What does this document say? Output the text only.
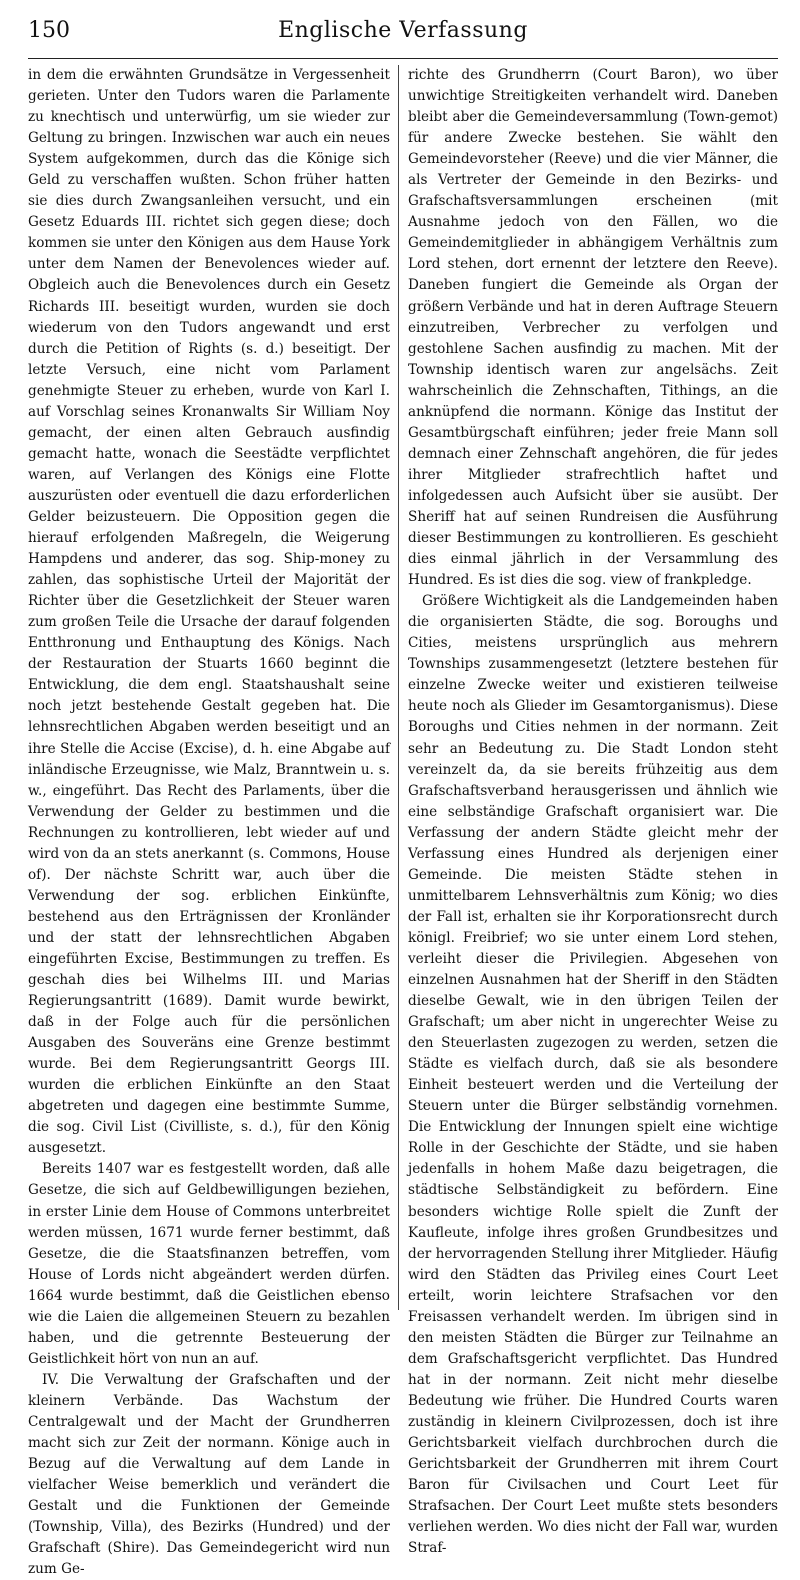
150	Englische Verfassung

in dem die erwähnten Grundsätze in Vergessenheit gerieten. Unter den Tudors waren die Parlamente zu knechtisch und unterwürfig, um sie wieder zur Geltung zu bringen. Inzwischen war auch ein neues System aufgekommen, durch das die Könige sich Geld zu verschaffen wußten. Schon früher hatten sie dies durch Zwangsanleihen versucht, und ein Gesetz Eduards III. richtet sich gegen diese; doch kommen sie unter den Königen aus dem Hause York unter dem Namen der Benevolences wieder auf. Obgleich auch die Benevolences durch ein Gesetz Richards III. beseitigt wurden, wurden sie doch wiederum von den Tudors angewandt und erst durch die Petition of Rights (s. d.) beseitigt. Der letzte Versuch, eine nicht vom Parlament genehmigte Steuer zu erheben, wurde von Karl I. auf Vorschlag seines Kronanwalts Sir William Noy gemacht, der einen alten Gebrauch ausfindig gemacht hatte, wonach die Seestädte verpflichtet waren, auf Verlangen des Königs eine Flotte auszurüsten oder eventuell die dazu erforderlichen Gelder beizusteuern. Die Opposition gegen die hierauf erfolgenden Maßregeln, die Weigerung Hampdens und anderer, das sog. Ship-money zu zahlen, das sophistische Urteil der Majorität der Richter über die Gesetzlichkeit der Steuer waren zum großen Teile die Ursache der darauf folgenden Entthronung und Enthauptung des Königs. Nach der Restauration der Stuarts 1660 beginnt die Entwicklung, die dem engl. Staatshaushalt seine noch jetzt bestehende Gestalt gegeben hat. Die lehnsrechtlichen Abgaben werden beseitigt und an ihre Stelle die Accise (Excise), d. h. eine Abgabe auf inländische Erzeugnisse, wie Malz, Branntwein u. s. w., eingeführt. Das Recht des Parlaments, über die Verwendung der Gelder zu bestimmen und die Rechnungen zu kontrollieren, lebt wieder auf und wird von da an stets anerkannt (s. Commons, House of). Der nächste Schritt war, auch über die Verwendung der sog. erblichen Einkünfte, bestehend aus den Erträgnissen der Kronländer und der statt der lehnsrechtlichen Abgaben eingeführten Excise, Bestimmungen zu treffen. Es geschah dies bei Wilhelms III. und Marias Regierungsantritt (1689). Damit wurde bewirkt, daß in der Folge auch für die persönlichen Ausgaben des Souveräns eine Grenze bestimmt wurde. Bei dem Regierungsantritt Georgs III. wurden die erblichen Einkünfte an den Staat abgetreten und dagegen eine bestimmte Summe, die sog. Civil List (Civilliste, s. d.), für den König ausgesetzt.

Bereits 1407 war es festgestellt worden, daß alle Gesetze, die sich auf Geldbewilligungen beziehen, in erster Linie dem House of Commons unterbreitet werden müssen, 1671 wurde ferner bestimmt, daß Gesetze, die die Staatsfinanzen betreffen, vom House of Lords nicht abgeändert werden dürfen. 1664 wurde bestimmt, daß die Geistlichen ebenso wie die Laien die allgemeinen Steuern zu bezahlen haben, und die getrennte Besteuerung der Geistlichkeit hört von nun an auf.

IV. Die Verwaltung der Grafschaften und der kleinern Verbände. Das Wachstum der Centralgewalt und der Macht der Grundherren macht sich zur Zeit der normann. Könige auch in Bezug auf die Verwaltung auf dem Lande in vielfacher Weise bemerklich und verändert die Gestalt und die Funktionen der Gemeinde (Township, Villa), des Bezirks (Hundred) und der Grafschaft (Shire). Das Gemeindegericht wird nun zum Ge-

richte des Grundherrn (Court Baron), wo über unwichtige Streitigkeiten verhandelt wird. Daneben bleibt aber die Gemeindeversammlung (Town-gemot) für andere Zwecke bestehen. Sie wählt den Gemeindevorsteher (Reeve) und die vier Männer, die als Vertreter der Gemeinde in den Bezirks- und Grafschaftsversammlungen erscheinen (mit Ausnahme jedoch von den Fällen, wo die Gemeindemitglieder in abhängigem Verhältnis zum Lord stehen, dort ernennt der letztere den Reeve). Daneben fungiert die Gemeinde als Organ der größern Verbände und hat in deren Auftrage Steuern einzutreiben, Verbrecher zu verfolgen und gestohlene Sachen ausfindig zu machen. Mit der Township identisch waren zur angelsächs. Zeit wahrscheinlich die Zehnschaften, Tithings, an die anknüpfend die normann. Könige das Institut der Gesamtbürgschaft einführen; jeder freie Mann soll demnach einer Zehnschaft angehören, die für jedes ihrer Mitglieder strafrechtlich haftet und infolgedessen auch Aufsicht über sie ausübt. Der Sheriff hat auf seinen Rundreisen die Ausführung dieser Bestimmungen zu kontrollieren. Es geschieht dies einmal jährlich in der Versammlung des Hundred. Es ist dies die sog. view of frankpledge.

Größere Wichtigkeit als die Landgemeinden haben die organisierten Städte, die sog. Boroughs und Cities, meistens ursprünglich aus mehrern Townships zusammengesetzt (letztere bestehen für einzelne Zwecke weiter und existieren teilweise heute noch als Glieder im Gesamtorganismus). Diese Boroughs und Cities nehmen in der normann. Zeit sehr an Bedeutung zu. Die Stadt London steht vereinzelt da, da sie bereits frühzeitig aus dem Grafschaftsverband herausgerissen und ähnlich wie eine selbständige Grafschaft organisiert war. Die Verfassung der andern Städte gleicht mehr der Verfassung eines Hundred als derjenigen einer Gemeinde. Die meisten Städte stehen in unmittelbarem Lehnsverhältnis zum König; wo dies der Fall ist, erhalten sie ihr Korporationsrecht durch königl. Freibrief; wo sie unter einem Lord stehen, verleiht dieser die Privilegien. Abgesehen von einzelnen Ausnahmen hat der Sheriff in den Städten dieselbe Gewalt, wie in den übrigen Teilen der Grafschaft; um aber nicht in ungerechter Weise zu den Steuerlasten zugezogen zu werden, setzen die Städte es vielfach durch, daß sie als besondere Einheit besteuert werden und die Verteilung der Steuern unter die Bürger selbständig vornehmen. Die Entwicklung der Innungen spielt eine wichtige Rolle in der Geschichte der Städte, und sie haben jedenfalls in hohem Maße dazu beigetragen, die städtische Selbständigkeit zu befördern. Eine besonders wichtige Rolle spielt die Zunft der Kaufleute, infolge ihres großen Grundbesitzes und der hervorragenden Stellung ihrer Mitglieder. Häufig wird den Städten das Privileg eines Court Leet erteilt, worin leichtere Strafsachen vor den Freisassen verhandelt werden. Im übrigen sind in den meisten Städten die Bürger zur Teilnahme an dem Grafschaftsgericht verpflichtet. Das Hundred hat in der normann. Zeit nicht mehr dieselbe Bedeutung wie früher. Die Hundred Courts waren zuständig in kleinern Civilprozessen, doch ist ihre Gerichtsbarkeit vielfach durchbrochen durch die Gerichtsbarkeit der Grundherren mit ihrem Court Baron für Civilsachen und Court Leet für Strafsachen. Der Court Leet mußte stets besonders verliehen werden. Wo dies nicht der Fall war, wurden Straf-
